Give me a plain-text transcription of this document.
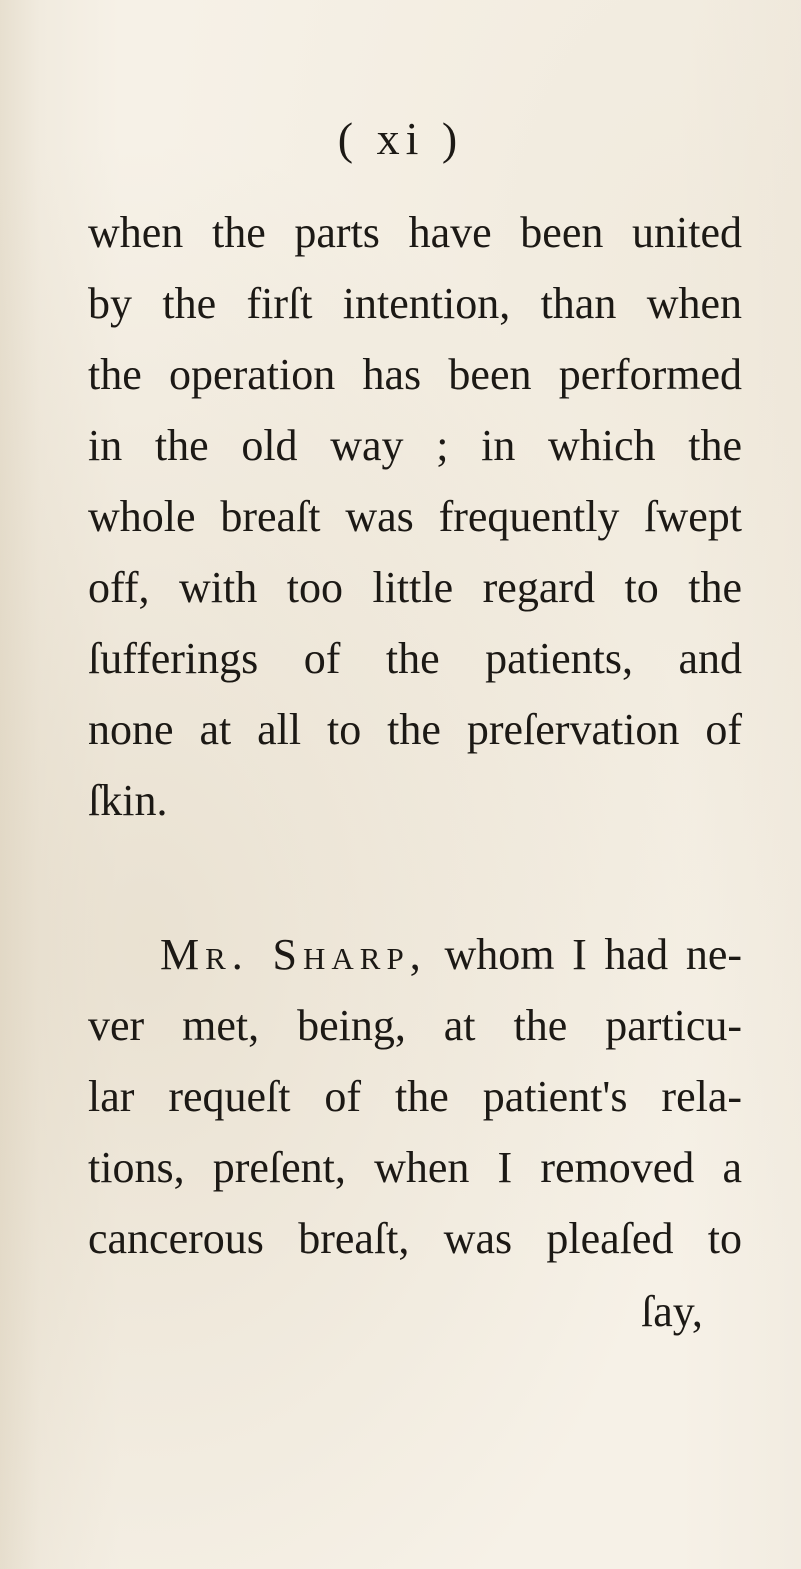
( xi )
when the parts have been united
by the firſt intention, than when
the operation has been performed
in the old way ; in which the
whole breaſt was frequently ſwept
off, with too little regard to the
ſufferings of the patients, and
none at all to the preſervation of
ſkin.
Mr. Sharp, whom I had ne-
ver met, being, at the particu-
lar requeſt of the patient's rela-
tions, preſent, when I removed a
cancerous breaſt, was pleaſed to
ſay,
